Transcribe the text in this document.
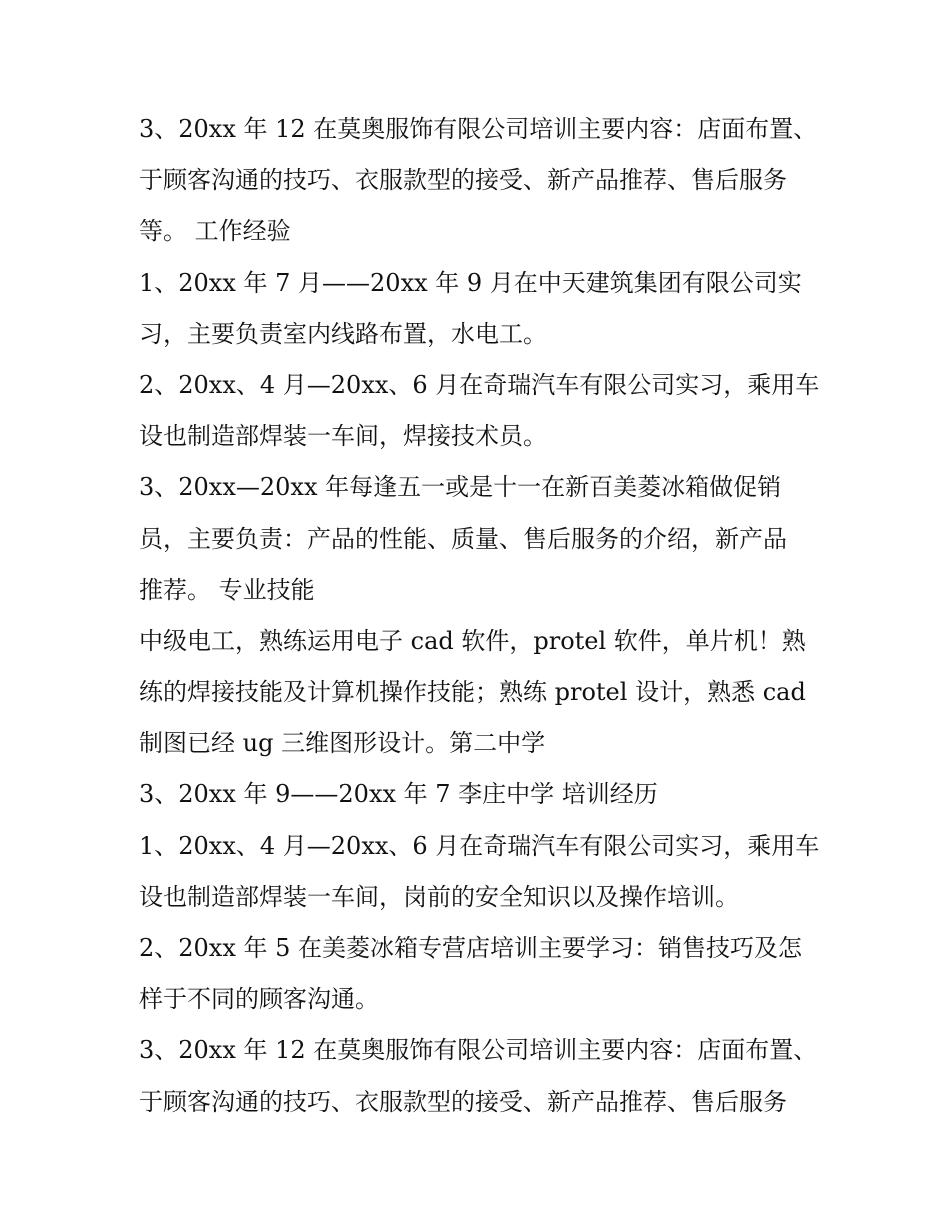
3、20xx 年 12 在莫奥服饰有限公司培训主要内容：店面布置、
于顾客沟通的技巧、衣服款型的接受、新产品推荐、售后服务
等。 工作经验
1、20xx 年 7 月——20xx 年 9 月在中天建筑集团有限公司实
习，主要负责室内线路布置，水电工。
2、20xx、4 月—20xx、6 月在奇瑞汽车有限公司实习，乘用车
设也制造部焊装一车间，焊接技术员。
3、20xx—20xx 年每逢五一或是十一在新百美菱冰箱做促销
员，主要负责：产品的性能、质量、售后服务的介绍，新产品
推荐。 专业技能
中级电工，熟练运用电子 cad 软件，protel 软件，单片机！熟
练的焊接技能及计算机操作技能；熟练 protel 设计，熟悉 cad
制图已经 ug 三维图形设计。第二中学
3、20xx 年 9——20xx 年 7 李庄中学 培训经历
1、20xx、4 月—20xx、6 月在奇瑞汽车有限公司实习，乘用车
设也制造部焊装一车间，岗前的安全知识以及操作培训。
2、20xx 年 5 在美菱冰箱专营店培训主要学习：销售技巧及怎
样于不同的顾客沟通。
3、20xx 年 12 在莫奥服饰有限公司培训主要内容：店面布置、
于顾客沟通的技巧、衣服款型的接受、新产品推荐、售后服务
